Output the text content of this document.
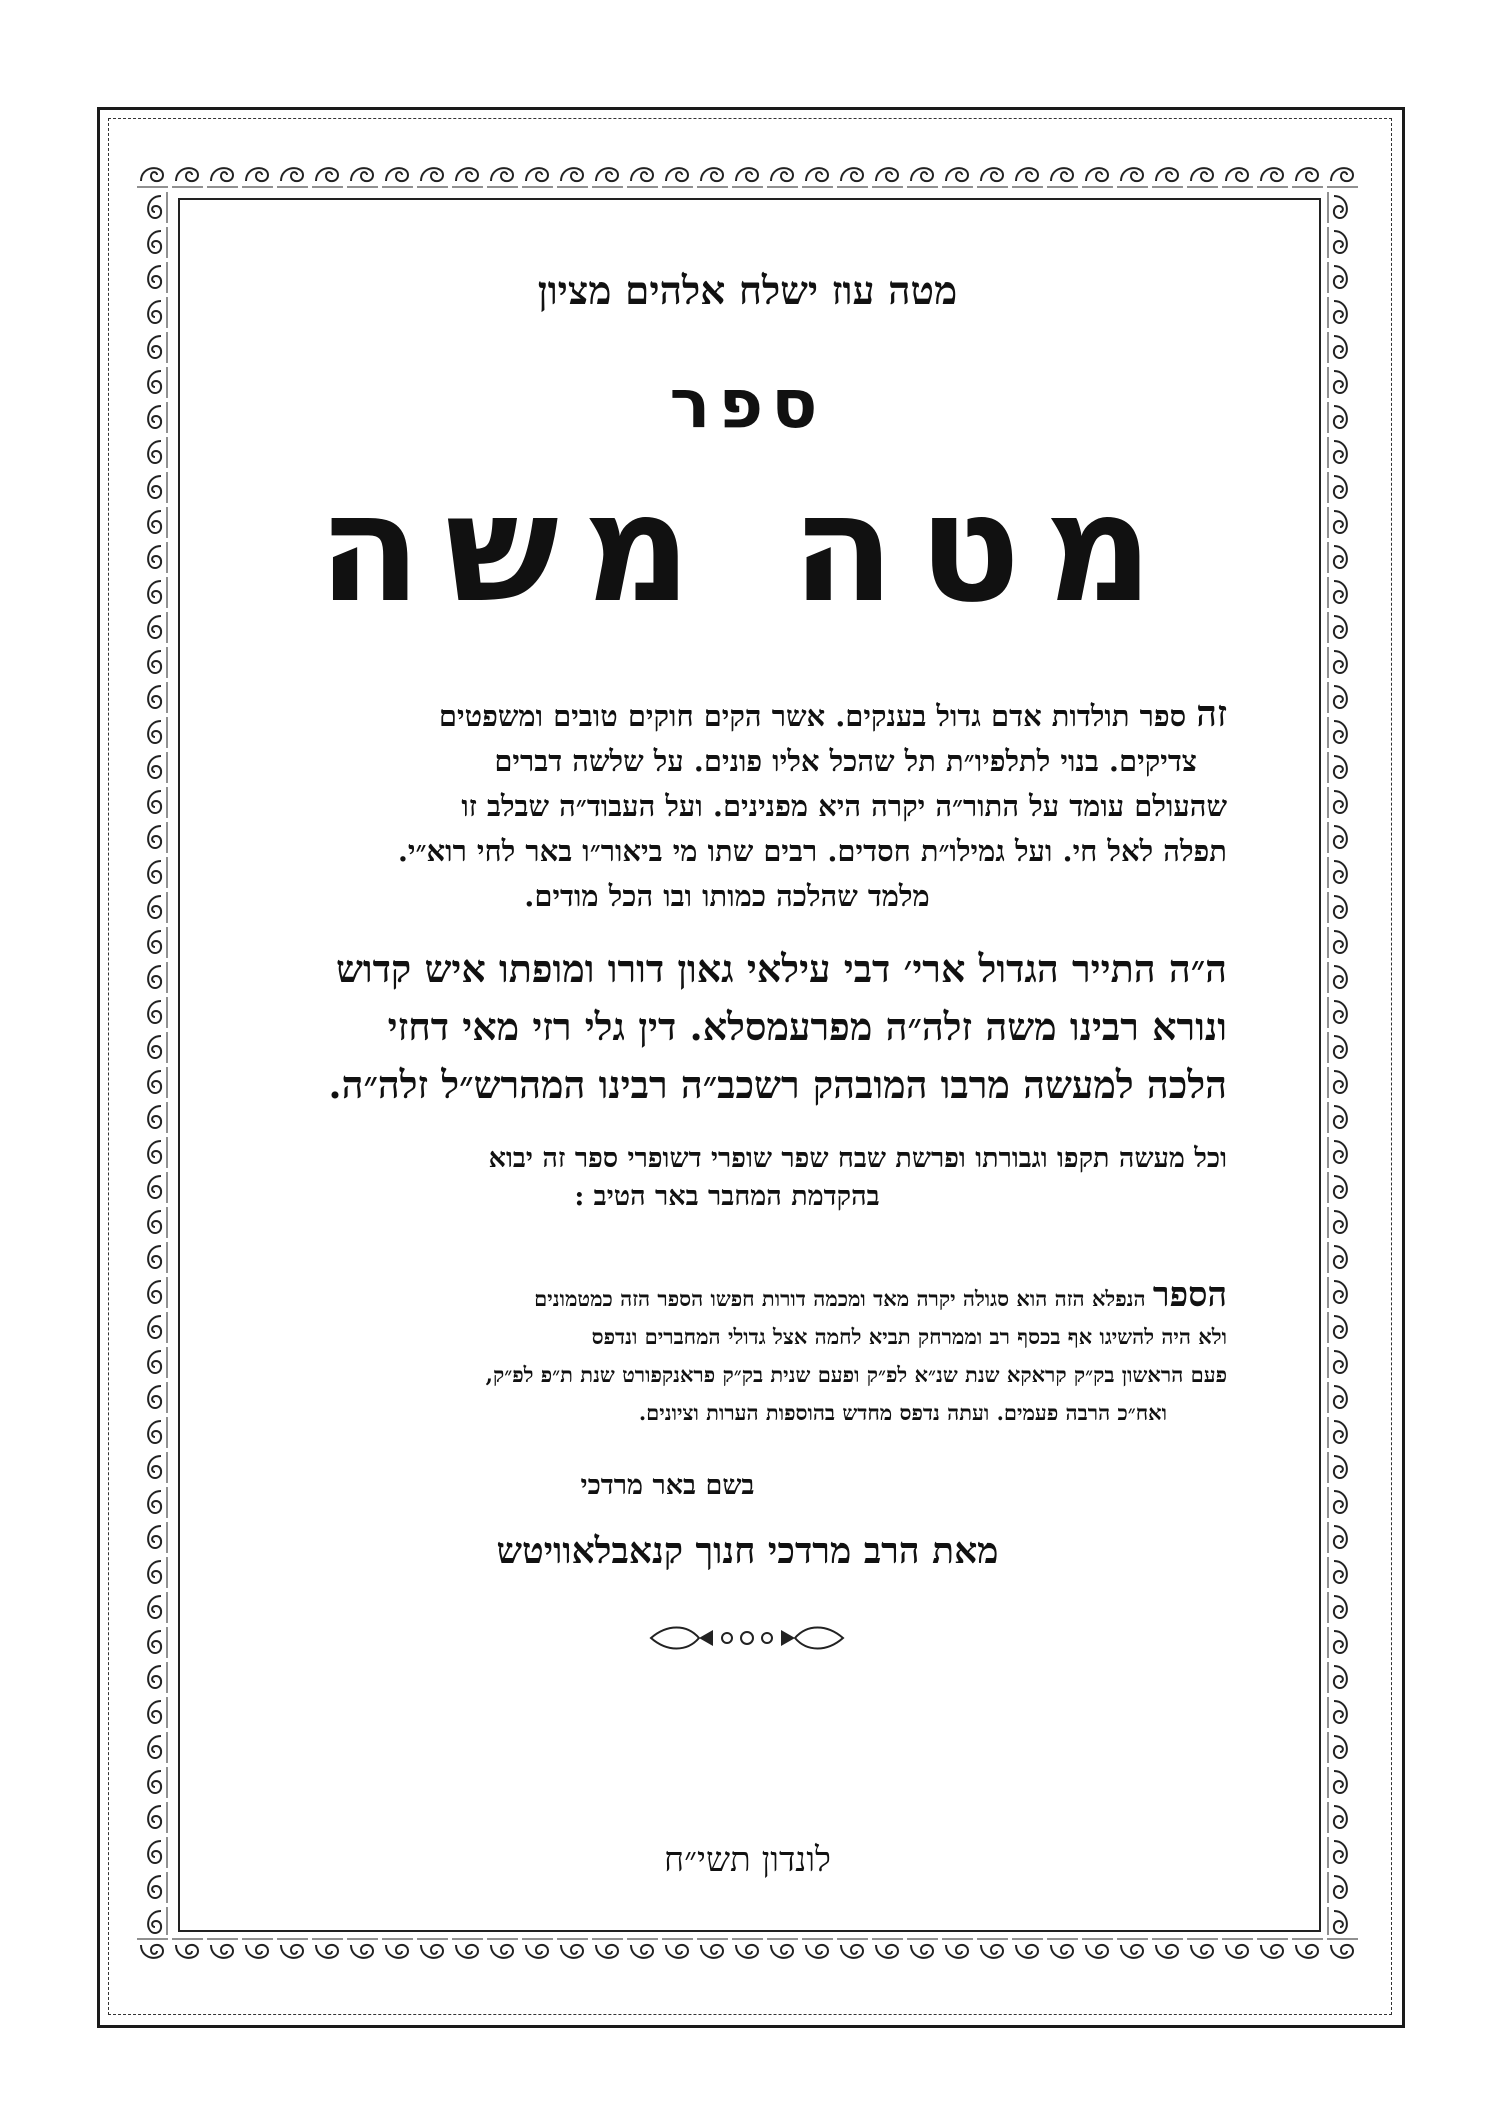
מטה עוז ישלח אלהים מציון
ספר
מטה משה
זה ספר תולדות אדם גדול בענקים. אשר הקים חוקים טובים ומשפטים
צדיקים. בנוי לתלפיו״ת תל שהכל אליו פונים. על שלשה דברים
שהעולם עומד על התור״ה יקרה היא מפנינים. ועל העבוד״ה שבלב זו
תפלה לאל חי. ועל גמילו״ת חסדים. רבים שתו מי ביאור״ו באר לחי רוא״י.
מלמד שהלכה כמותו ובו הכל מודים.
ה״ה התייר הגדול ארי׳ דבי עילאי גאון דורו ומופתו איש קדוש
ונורא רבינו משה זלה״ה מפרעמסלא. דין גלי רזי מאי דחזי
הלכה למעשה מרבו המובהק רשכב״ה רבינו המהרש״ל זלה״ה.
וכל מעשה תקפו וגבורתו ופרשת שבח שפר שופרי דשופרי ספר זה יבוא
בהקדמת המחבר באר הטיב :
הספר הנפלא הזה הוא סגולה יקרה מאד ומכמה דורות חפשו הספר הזה כמטמונים
ולא היה להשיגו אף בכסף רב וממרחק תביא לחמה אצל גדולי המחברים ונדפס
פעם הראשון בק״ק קראקא שנת שנ״א לפ״ק ופעם שנית בק״ק פראנקפורט שנת ת״פ לפ״ק,
ואח״כ הרבה פעמים. ועתה נדפס מחדש בהוספות הערות וציונים.
בשם באר מרדכי
מאת הרב מרדכי חנוך קנאבלאוויטש
לונדון תשי״ח
